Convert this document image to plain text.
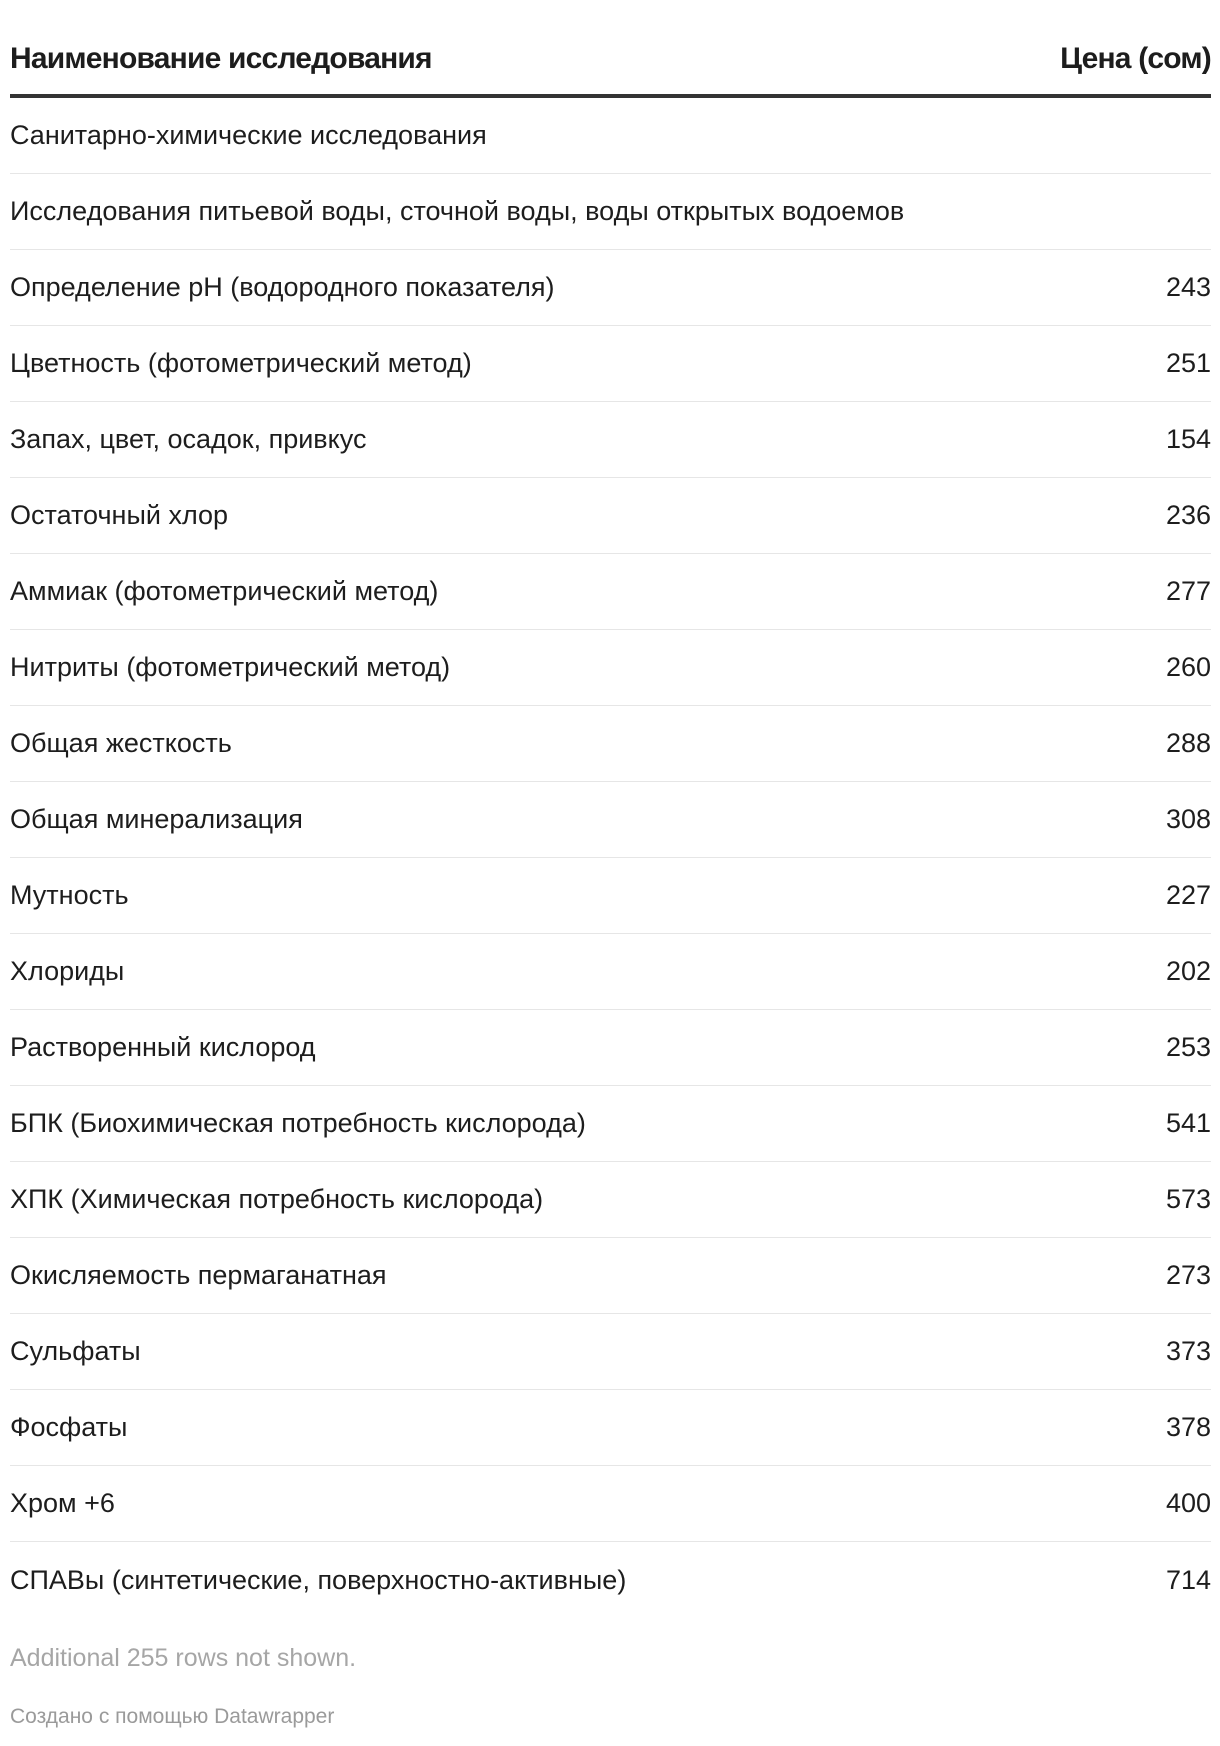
Наименование исследования	Цена (сом)
Санитарно-химические исследования
Исследования питьевой воды, сточной воды, воды открытых водоемов
Определение pH (водородного показателя)	243
Цветность (фотометрический метод)	251
Запах, цвет, осадок, привкус	154
Остаточный хлор	236
Аммиак (фотометрический метод)	277
Нитриты (фотометрический метод)	260
Общая жесткость	288
Общая минерализация	308
Мутность	227
Хлориды	202
Растворенный кислород	253
БПК (Биохимическая потребность кислорода)	541
ХПК (Химическая потребность кислорода)	573
Окисляемость пермаганатная	273
Сульфаты	373
Фосфаты	378
Хром +6	400
СПАВы (синтетические, поверхностно-активные)	714
Additional 255 rows not shown.
Создано с помощью Datawrapper
